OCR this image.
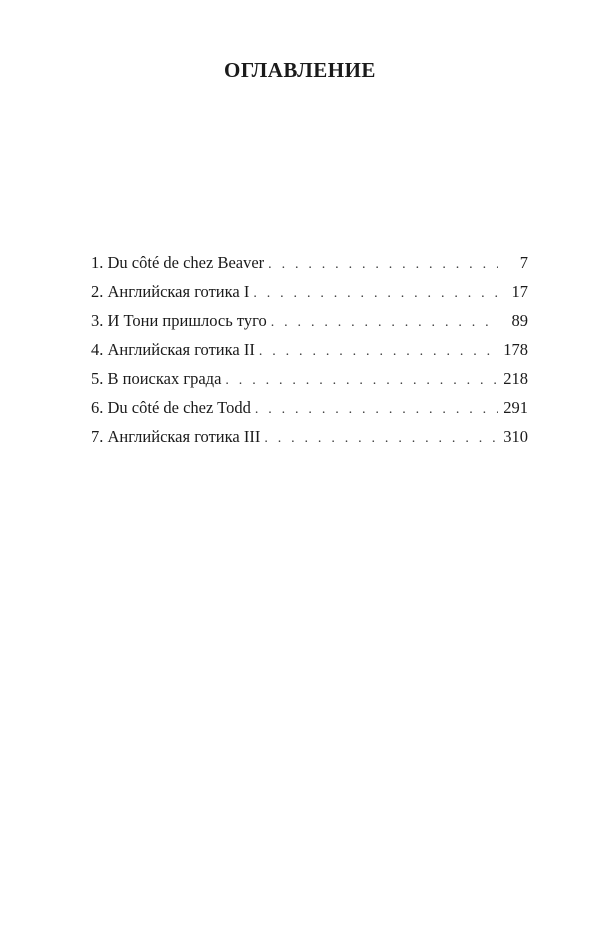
ОГЛАВЛЕНИЕ
1. Du côté de chez Beaver . . .	7
2. Английская готика I . . .	17
3. И Тони пришлось туго . . .	89
4. Английская готика II . . .	178
5. В поисках града . . .	218
6. Du côté de chez Todd . . .	291
7. Английская готика III . . .	310
